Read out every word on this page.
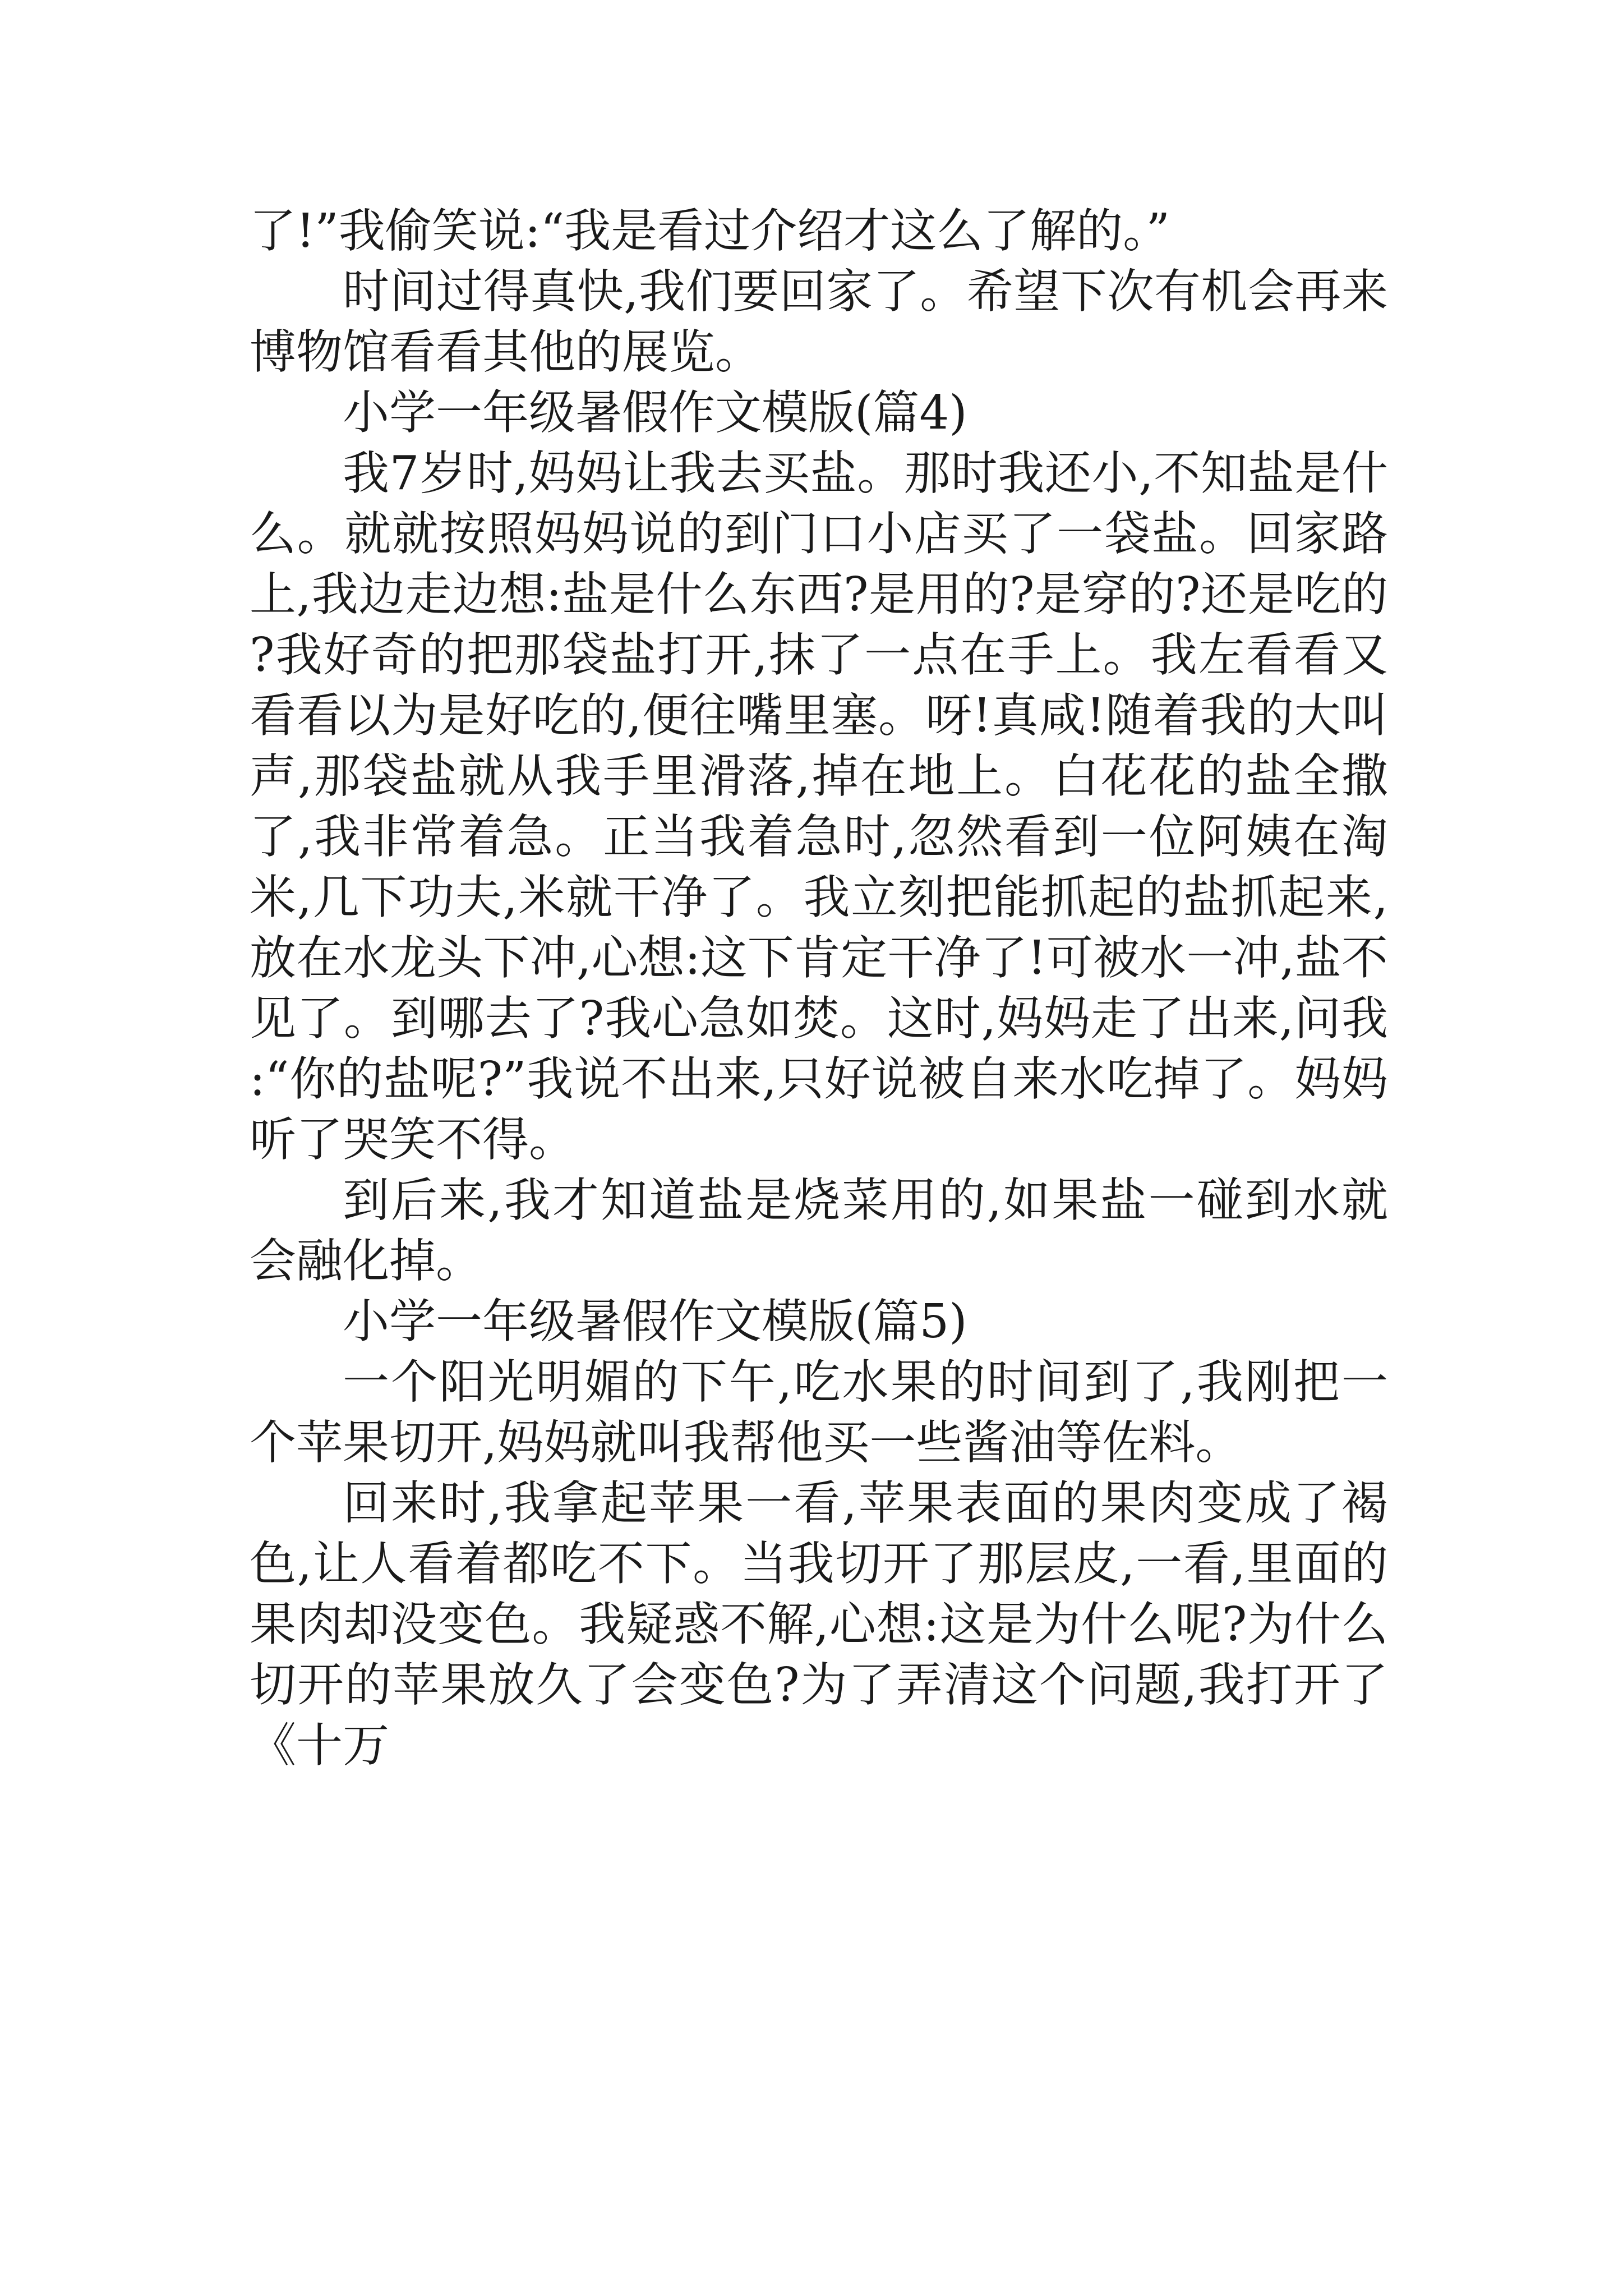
了!”我偷笑说:“我是看过介绍才这么了解的。”

时间过得真快,我们要回家了。希望下次有机会再来博物馆看看其他的展览。

小学一年级暑假作文模版(篇4)

我7岁时,妈妈让我去买盐。那时我还小,不知盐是什么。就就按照妈妈说的到门口小店买了一袋盐。回家路上,我边走边想:盐是什么东西?是用的?是穿的?还是吃的?我好奇的把那袋盐打开,抹了一点在手上。我左看看又看看以为是好吃的,便往嘴里塞。呀!真咸!随着我的大叫声,那袋盐就从我手里滑落,掉在地上。白花花的盐全撒了,我非常着急。正当我着急时,忽然看到一位阿姨在淘米,几下功夫,米就干净了。我立刻把能抓起的盐抓起来,放在水龙头下冲,心想:这下肯定干净了!可被水一冲,盐不见了。到哪去了?我心急如焚。这时,妈妈走了出来,问我:“你的盐呢?”我说不出来,只好说被自来水吃掉了。妈妈听了哭笑不得。

到后来,我才知道盐是烧菜用的,如果盐一碰到水就会融化掉。

小学一年级暑假作文模版(篇5)

一个阳光明媚的下午,吃水果的时间到了,我刚把一个苹果切开,妈妈就叫我帮他买一些酱油等佐料。

回来时,我拿起苹果一看,苹果表面的果肉变成了褐色,让人看着都吃不下。当我切开了那层皮,一看,里面的果肉却没变色。我疑惑不解,心想:这是为什么呢?为什么切开的苹果放久了会变色?为了弄清这个问题,我打开了《十万
